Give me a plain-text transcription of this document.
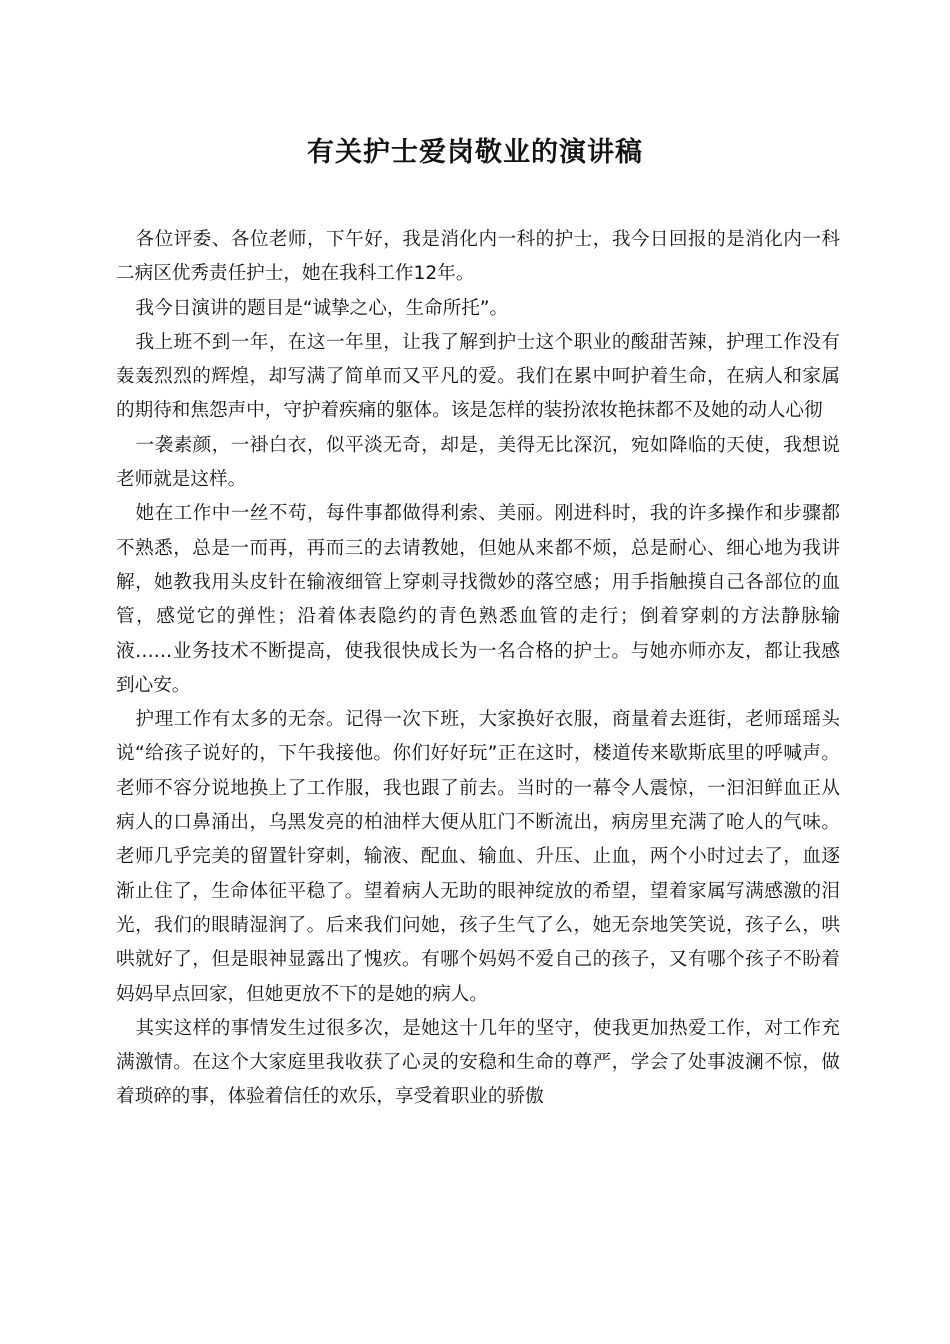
有关护士爱岗敬业的演讲稿

各位评委、各位老师，下午好，我是消化内一科的护士，我今日回报的是消化内一科二病区优秀责任护士，她在我科工作12年。

我今日演讲的题目是“诚挚之心，生命所托”。

我上班不到一年，在这一年里，让我了解到护士这个职业的酸甜苦辣，护理工作没有轰轰烈烈的辉煌，却写满了简单而又平凡的爱。我们在累中呵护着生命，在病人和家属的期待和焦怨声中，守护着疾痛的躯体。该是怎样的装扮浓妆艳抹都不及她的动人心彻

一袭素颜，一褂白衣，似平淡无奇，却是，美得无比深沉，宛如降临的天使，我想说老师就是这样。

她在工作中一丝不苟，每件事都做得利索、美丽。刚进科时，我的许多操作和步骤都不熟悉，总是一而再，再而三的去请教她，但她从来都不烦，总是耐心、细心地为我讲解，她教我用头皮针在输液细管上穿刺寻找微妙的落空感；用手指触摸自己各部位的血管，感觉它的弹性；沿着体表隐约的青色熟悉血管的走行；倒着穿刺的方法静脉输液……业务技术不断提高，使我很快成长为一名合格的护士。与她亦师亦友，都让我感到心安。

护理工作有太多的无奈。记得一次下班，大家换好衣服，商量着去逛街，老师瑶瑶头说“给孩子说好的，下午我接他。你们好好玩”正在这时，楼道传来歇斯底里的呼喊声。老师不容分说地换上了工作服，我也跟了前去。当时的一幕令人震惊，一汩汩鲜血正从病人的口鼻涌出，乌黑发亮的柏油样大便从肛门不断流出，病房里充满了呛人的气味。老师几乎完美的留置针穿刺，输液、配血、输血、升压、止血，两个小时过去了，血逐渐止住了，生命体征平稳了。望着病人无助的眼神绽放的希望，望着家属写满感激的泪光，我们的眼睛湿润了。后来我们问她，孩子生气了么，她无奈地笑笑说，孩子么，哄哄就好了，但是眼神显露出了愧疚。有哪个妈妈不爱自己的孩子，又有哪个孩子不盼着妈妈早点回家，但她更放不下的是她的病人。

其实这样的事情发生过很多次，是她这十几年的坚守，使我更加热爱工作，对工作充满激情。在这个大家庭里我收获了心灵的安稳和生命的尊严，学会了处事波澜不惊，做着琐碎的事，体验着信任的欢乐，享受着职业的骄傲
